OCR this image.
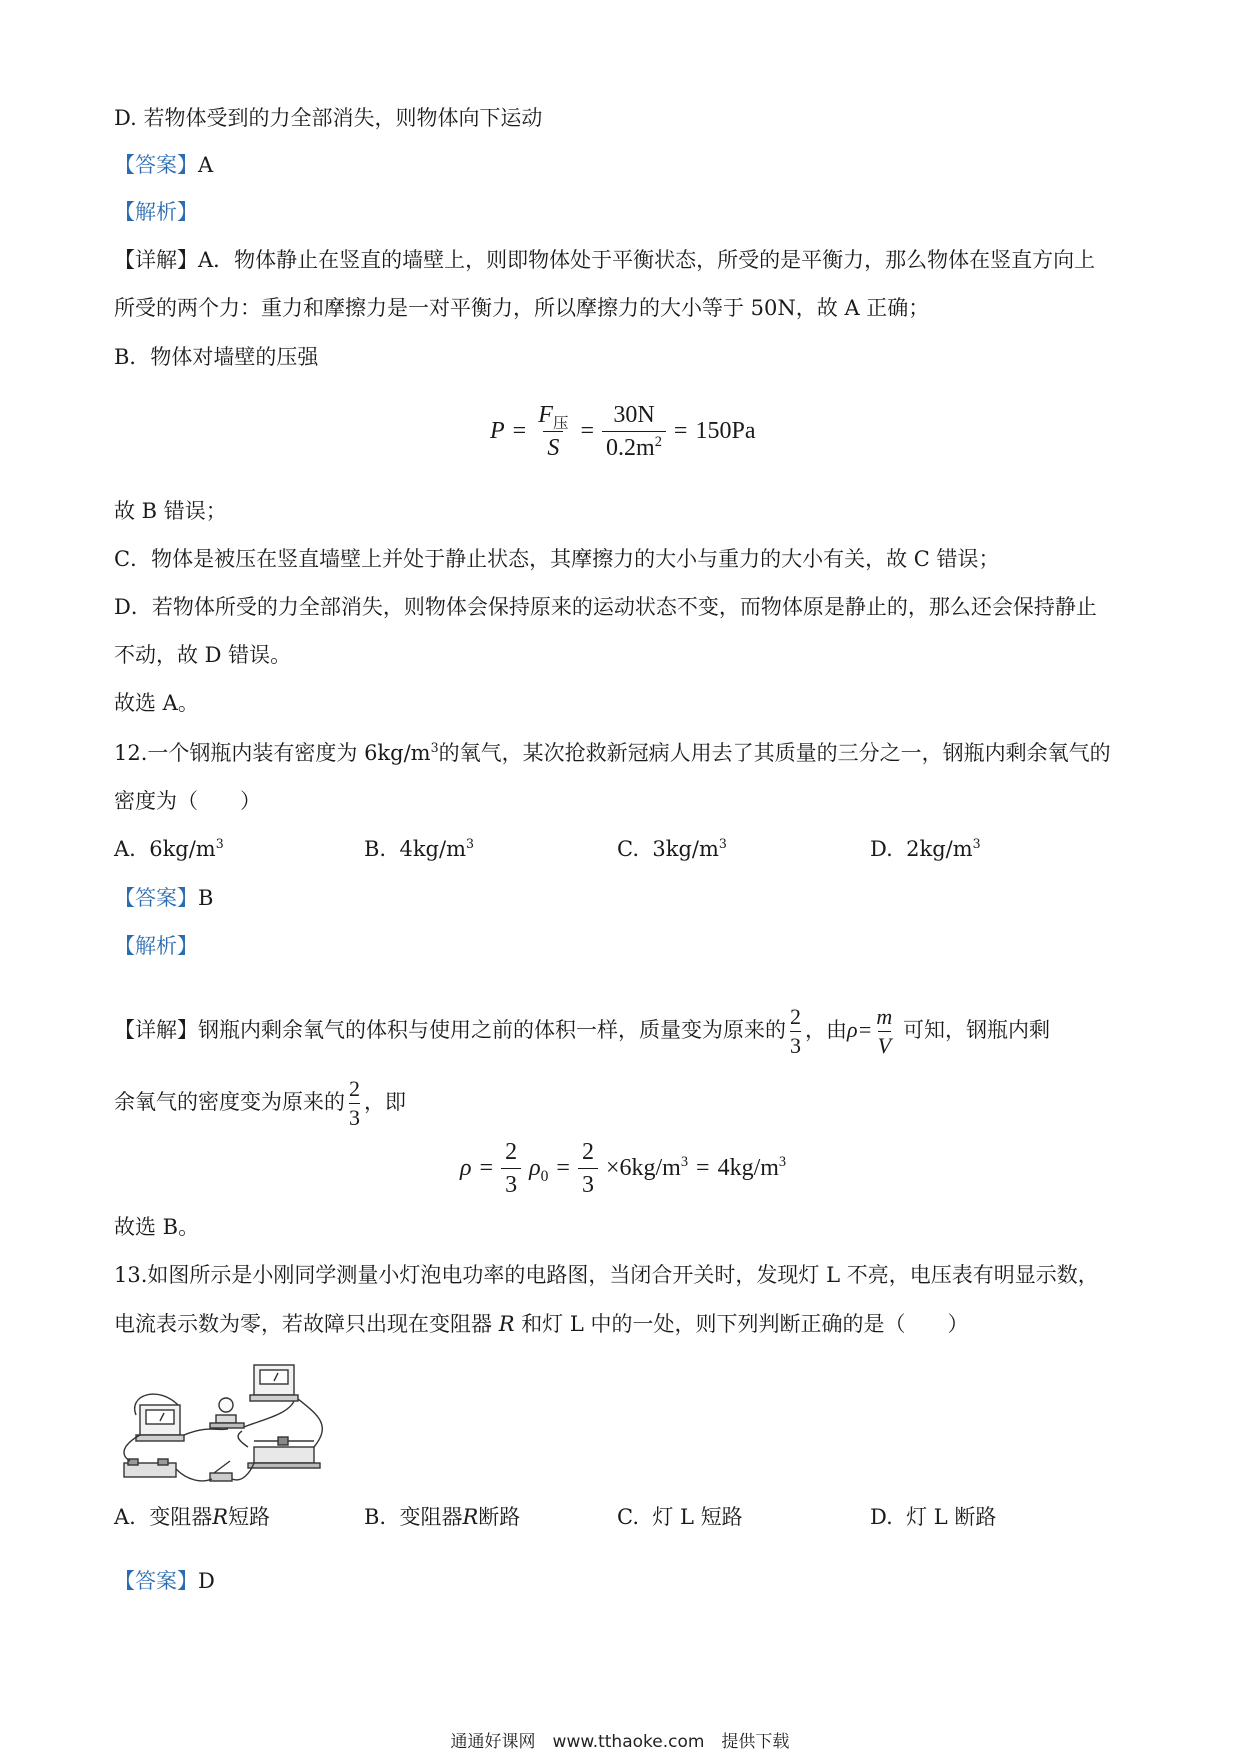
D. 若物体受到的力全部消失，则物体向下运动
【答案】A
【解析】
【详解】A．物体静止在竖直的墙壁上，则即物体处于平衡状态，所受的是平衡力，那么物体在竖直方向上
所受的两个力：重力和摩擦力是一对平衡力，所以摩擦力的大小等于 50N，故 A 正确；
B．物体对墙壁的压强
$P = \frac{F_压}{S} = \frac{30N}{0.2m^2} = 150Pa$
故 B 错误；
C．物体是被压在竖直墙壁上并处于静止状态，其摩擦力的大小与重力的大小有关，故 C 错误；
D．若物体所受的力全部消失，则物体会保持原来的运动状态不变，而物体原是静止的，那么还会保持静止
不动，故 D 错误。
故选 A。
12.一个钢瓶内装有密度为 $6kg/m^3$的氧气，某次抢救新冠病人用去了其质量的三分之一，钢瓶内剩余氧气的
密度为（　　）
A. $6kg/m^3$	B. $4kg/m^3$	C. $3kg/m^3$	D. $2kg/m^3$
【答案】B
【解析】
【详解】钢瓶内剩余氧气的体积与使用之前的体积一样，质量变为原来的 $\frac{2}{3}$ ，由$\rho= \frac{m}{V}$ 可知，钢瓶内剩
余氧气的密度变为原来的 $\frac{2}{3}$ ，即
$\rho = \frac{2}{3} \rho_0 = \frac{2}{3} \times 6kg/m^3 = 4kg/m^3$
故选 B。
13.如图所示是小刚同学测量小灯泡电功率的电路图，当闭合开关时，发现灯 L 不亮，电压表有明显示数，
电流表示数为零，若故障只出现在变阻器 R 和灯 L 中的一处，则下列判断正确的是（　　）
A. 变阻器R短路	B. 变阻器R断路	C. 灯 L 短路	D. 灯 L 断路
【答案】D
通通好课网　www.tthaoke.com　提供下载
